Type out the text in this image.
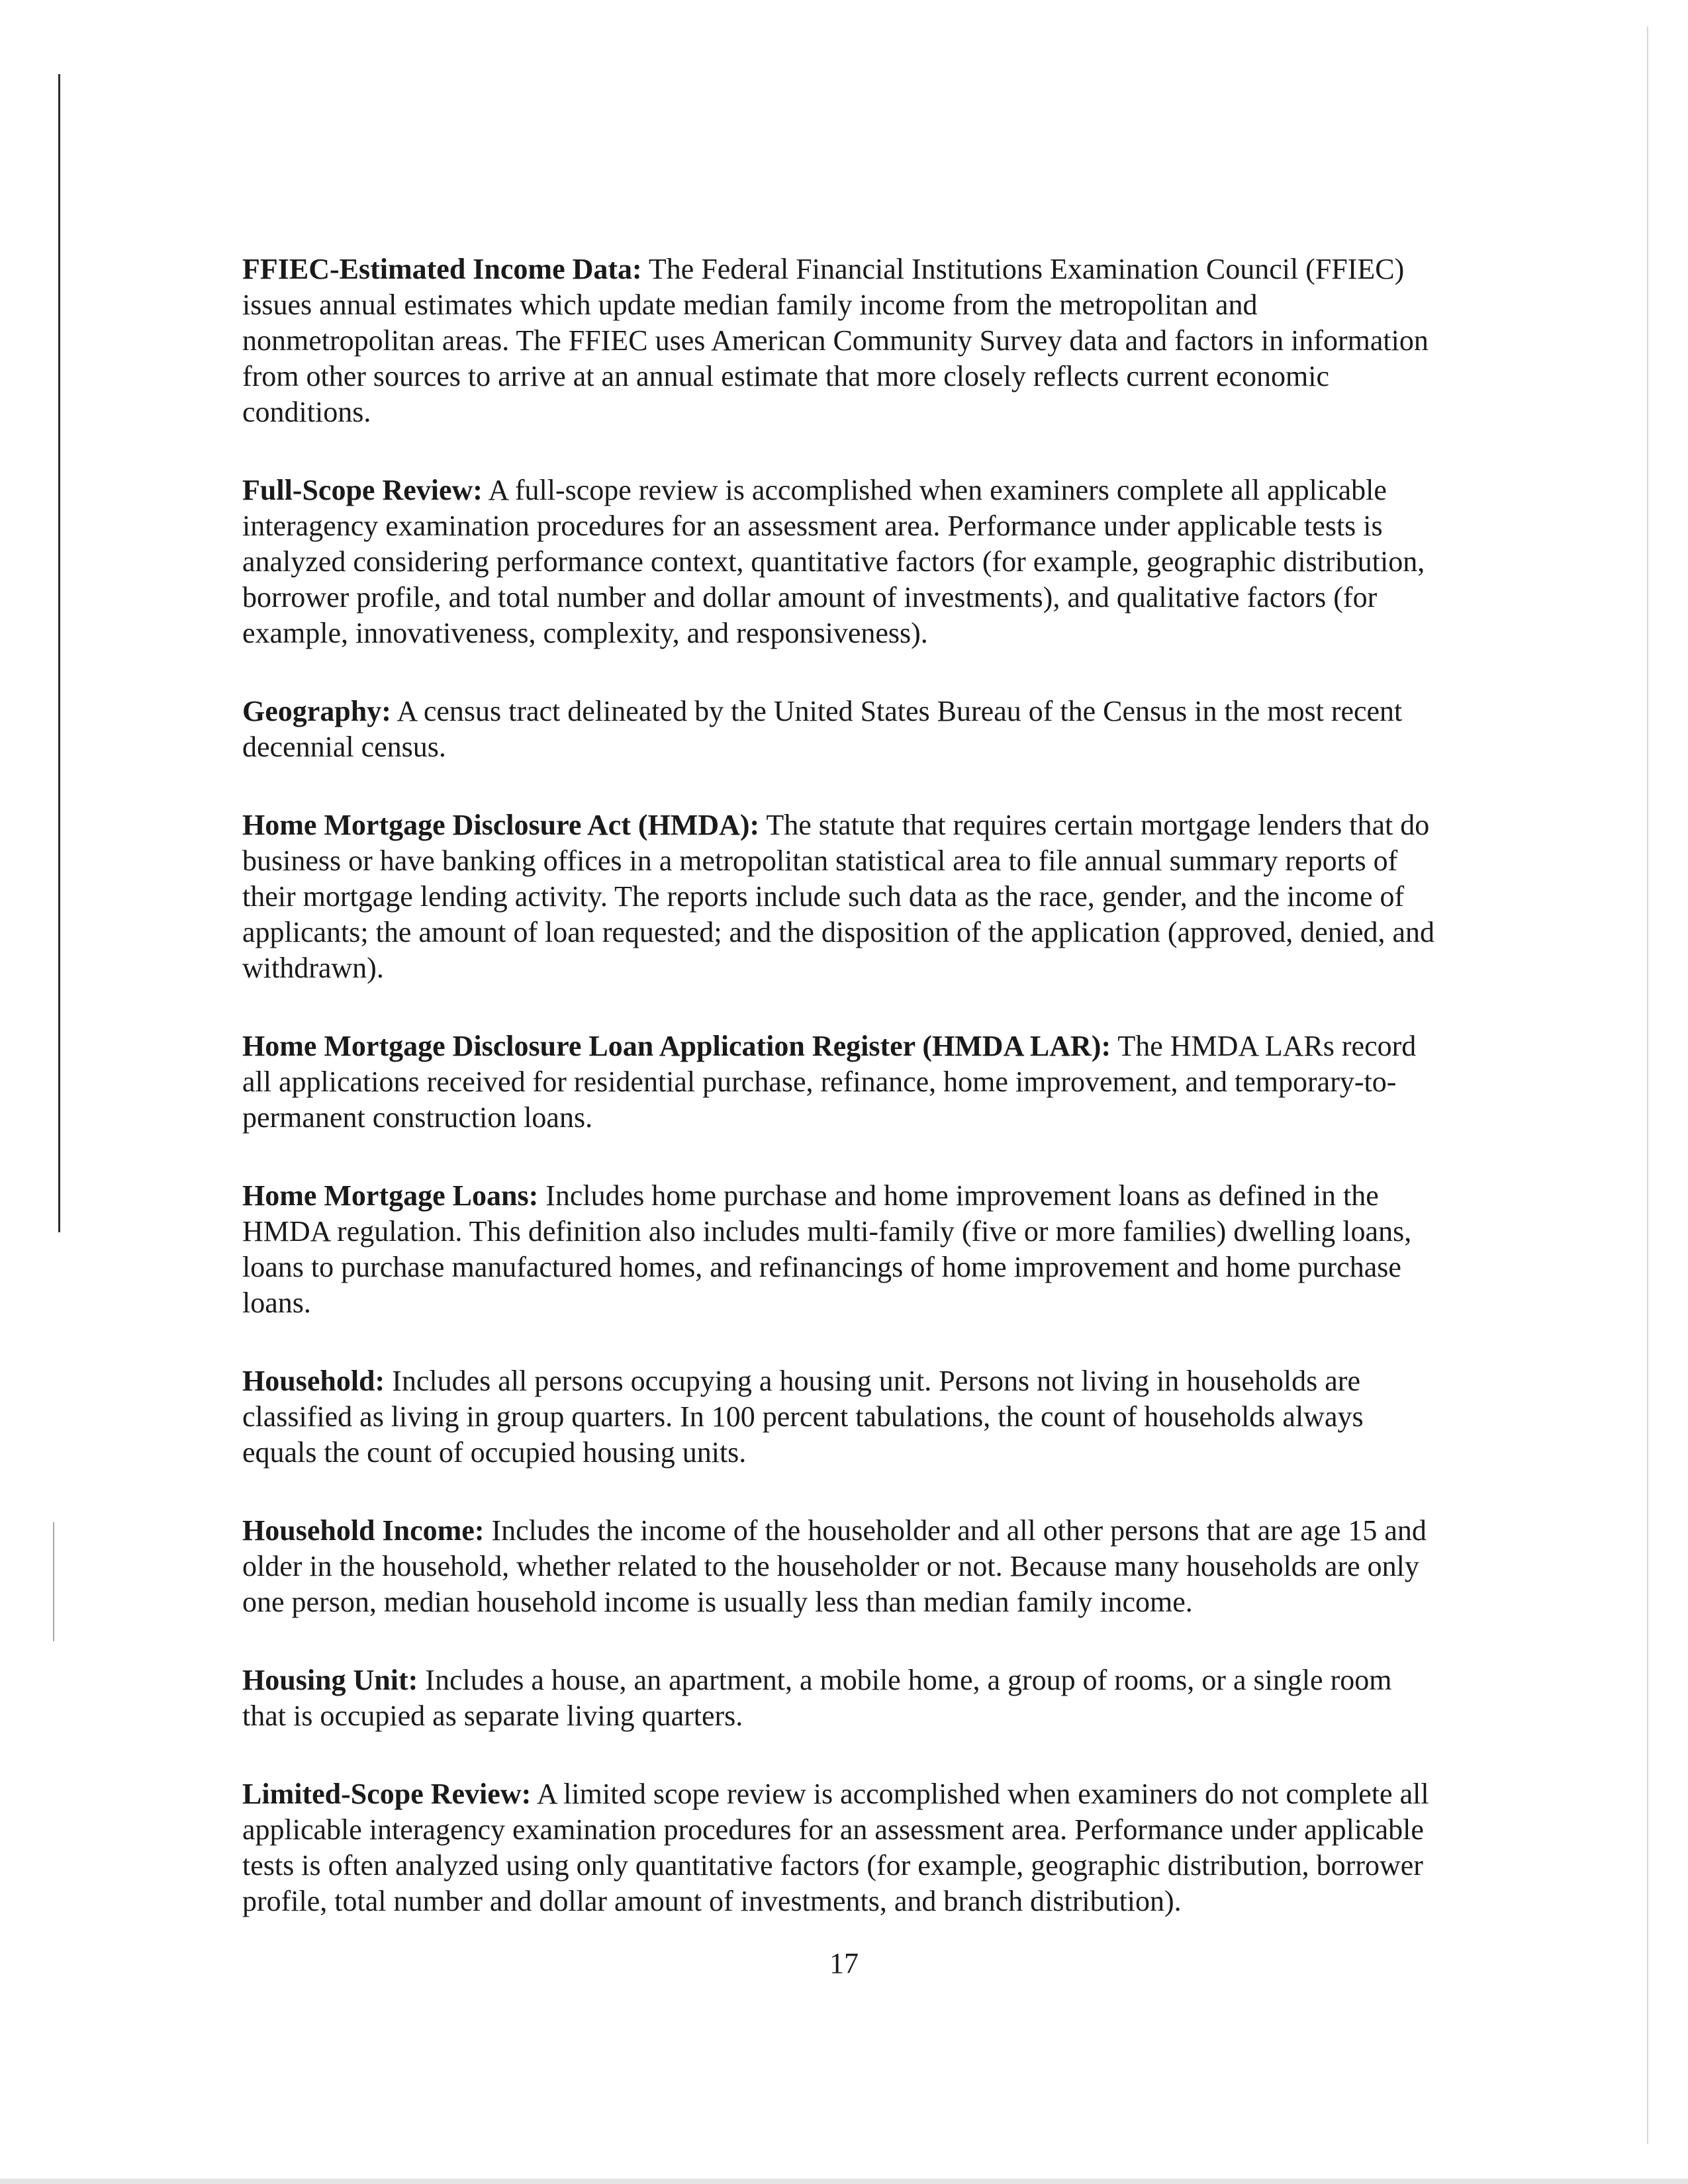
FFIEC-Estimated Income Data: The Federal Financial Institutions Examination Council (FFIEC) issues annual estimates which update median family income from the metropolitan and nonmetropolitan areas. The FFIEC uses American Community Survey data and factors in information from other sources to arrive at an annual estimate that more closely reflects current economic conditions.

Full-Scope Review: A full-scope review is accomplished when examiners complete all applicable interagency examination procedures for an assessment area. Performance under applicable tests is analyzed considering performance context, quantitative factors (for example, geographic distribution, borrower profile, and total number and dollar amount of investments), and qualitative factors (for example, innovativeness, complexity, and responsiveness).

Geography: A census tract delineated by the United States Bureau of the Census in the most recent decennial census.

Home Mortgage Disclosure Act (HMDA): The statute that requires certain mortgage lenders that do business or have banking offices in a metropolitan statistical area to file annual summary reports of their mortgage lending activity. The reports include such data as the race, gender, and the income of applicants; the amount of loan requested; and the disposition of the application (approved, denied, and withdrawn).

Home Mortgage Disclosure Loan Application Register (HMDA LAR): The HMDA LARs record all applications received for residential purchase, refinance, home improvement, and temporary-to-permanent construction loans.

Home Mortgage Loans: Includes home purchase and home improvement loans as defined in the HMDA regulation. This definition also includes multi-family (five or more families) dwelling loans, loans to purchase manufactured homes, and refinancings of home improvement and home purchase loans.

Household: Includes all persons occupying a housing unit. Persons not living in households are classified as living in group quarters. In 100 percent tabulations, the count of households always equals the count of occupied housing units.

Household Income: Includes the income of the householder and all other persons that are age 15 and older in the household, whether related to the householder or not. Because many households are only one person, median household income is usually less than median family income.

Housing Unit: Includes a house, an apartment, a mobile home, a group of rooms, or a single room that is occupied as separate living quarters.

Limited-Scope Review: A limited scope review is accomplished when examiners do not complete all applicable interagency examination procedures for an assessment area. Performance under applicable tests is often analyzed using only quantitative factors (for example, geographic distribution, borrower profile, total number and dollar amount of investments, and branch distribution).

17
